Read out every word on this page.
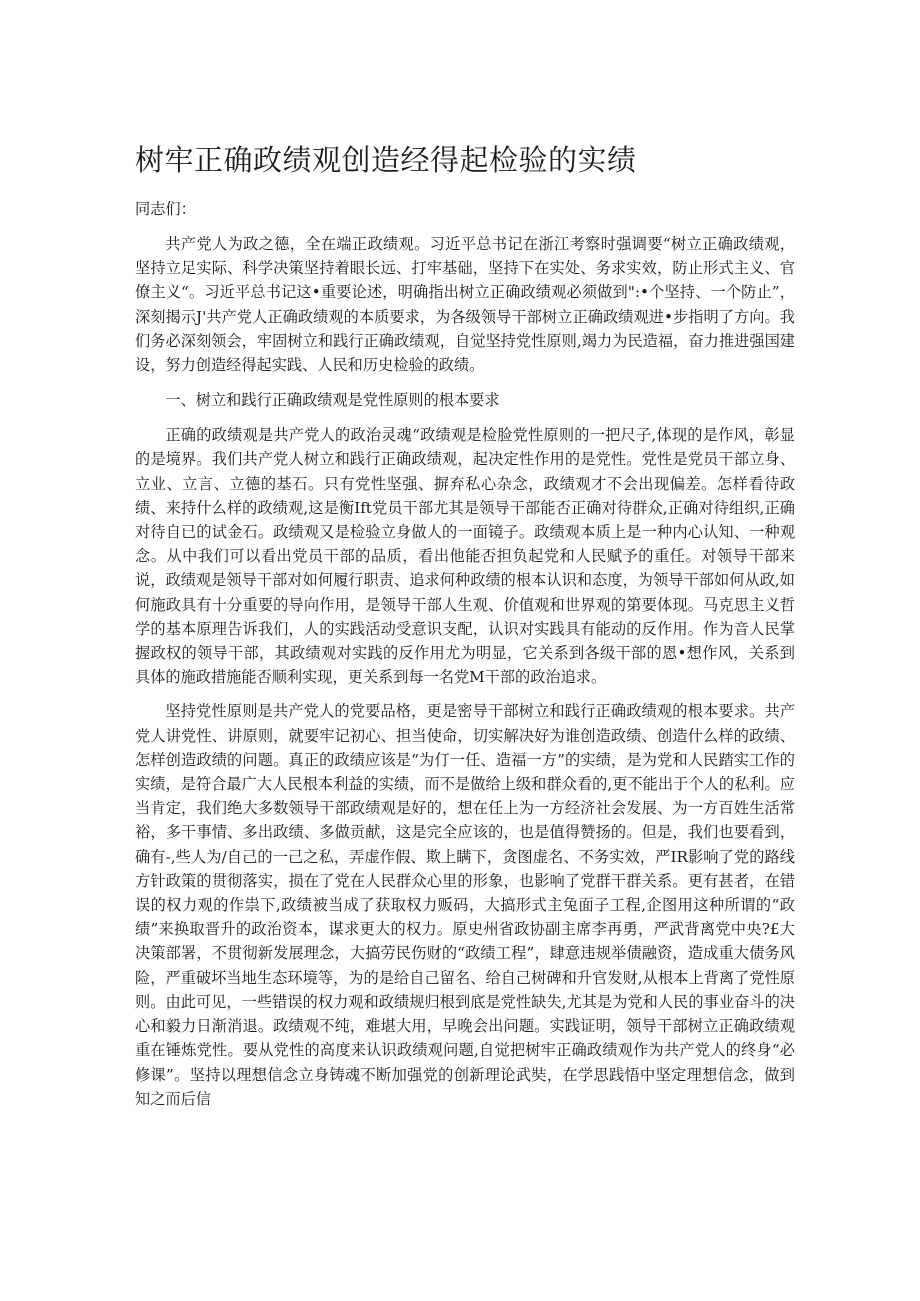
树牢正确政绩观创造经得起检验的实绩

同志们：

共产党人为政之德，全在端正政绩观。习近平总书记在浙江考察时强调要“树立正确政绩观，坚持立足实际、科学决策坚持着眼长远、打牢基础，坚持下在实处、务求实效，防止形式主义、官僚主义“。习近平总书记这•重要论述，明确指出树立正确政绩观必须做到":•个坚持、一个防止”，深刻揭示J'共产党人正确政绩观的本质要求，为各级领导干部树立正确政绩观进•步指明了方向。我们务必深刻领会，牢固树立和践行正确政绩观，自觉坚持党性原则,竭力为民造福，奋力推进强国建设，努力创造经得起实践、人民和历史检验的政绩。

一、树立和践行正确政绩观是党性原则的根本要求

正确的政绩观是共产党人的政治灵魂“政绩观是检脸党性原则的一把尺子,体现的是作风，彰显的是境界。我们共产党人树立和践行正确政绩观，起决定性作用的是党性。党性是党员干部立身、立业、立言、立德的基石。只有党性坚强、摒弃私心杂念，政绩观才不会出现偏差。怎样看待政绩、来持什么样的政绩观,这是衡Ift党员干部尤其是领导干部能否正确对待群众,正确对待组织,正确对待自已的试金石。政绩观又是检验立身做人的一面镜子。政绩观本质上是一种内心认知、一种观念。从中我们可以看出党员干部的品质，看出他能否担负起党和人民赋予的重任。对领导干部来说，政绩观是领导干部对如何履行职责、追求何种政绩的根本认识和态度，为领导干部如何从政,如何施政具有十分重要的导向作用，是领导干部人生观、价值观和世界观的第要体现。马克思主义哲学的基本原理告诉我们，人的实践活动受意识支配，认识对实践具有能动的反作用。作为音人民掌握政权的领导干部，其政绩观对实践的反作用尤为明显，它关系到各级干部的恩•想作风，关系到具体的施政措施能否顺利实现，更关系到每一名党M干部的政治追求。

坚持党性原则是共产党人的党要品格，更是密导干部树立和践行正确政绩观的根本要求。共产党人讲党性、讲原则，就要牢记初心、担当使命，切实解决好为谁创造政绩、创造什么样的政绩、怎样创造政绩的问题。真正的政绩应该是“为仃一任、造福一方”的实绩，是为党和人民踏实工作的实绩，是符合最广大人民根本利益的实绩，而不是做给上级和群众看的,更不能出于个人的私利。应当肯定，我们绝大多数领导干部政绩观是好的，想在任上为一方经济社会发展、为一方百姓生活常裕，多干事情、多出政绩、多做贡献，这是完全应该的，也是值得赞扬的。但是，我们也要看到，确有-,些人为/自己的一己之私，弄虚作假、欺上瞒下，贪图虚名、不务实效，严IR影响了党的路线方针政策的贯彻落实，损在了党在人民群众心里的形象，也影响了党群干群关系。更有甚者，在错误的权力观的作祟下,政绩被当成了获取权力贩码，大搞形式主兔面子工程,企图用这种所谓的“政绩”来换取晋升的政治资本，谋求更大的权力。原史州省政协副主席李再勇，严武背离党中央?£大决策部署，不贯彻新发展理念，大搞劳民伤财的“政绩工程”，肆意违规举债融资，造成重大债务风险，严重破坏当地生态环境等，为的是给自己留名、给自己树碑和升官发财,从根本上背离了党性原则。由此可见，一些错误的权力观和政绩规归根到底是党性缺失,尤其是为党和人民的事业奋斗的决心和毅力日渐消退。政绩观不纯，难堪大用，早晚会出问题。实践证明，领导干部树立正确政绩观重在锤炼党性。要从党性的高度来认识政绩观问题,自觉把树牢正确政绩观作为共产党人的终身“必修课”。坚持以理想信念立身铸魂不断加强党的创新理论武奘，在学思践悟中坚定理想信念，做到知之而后信
